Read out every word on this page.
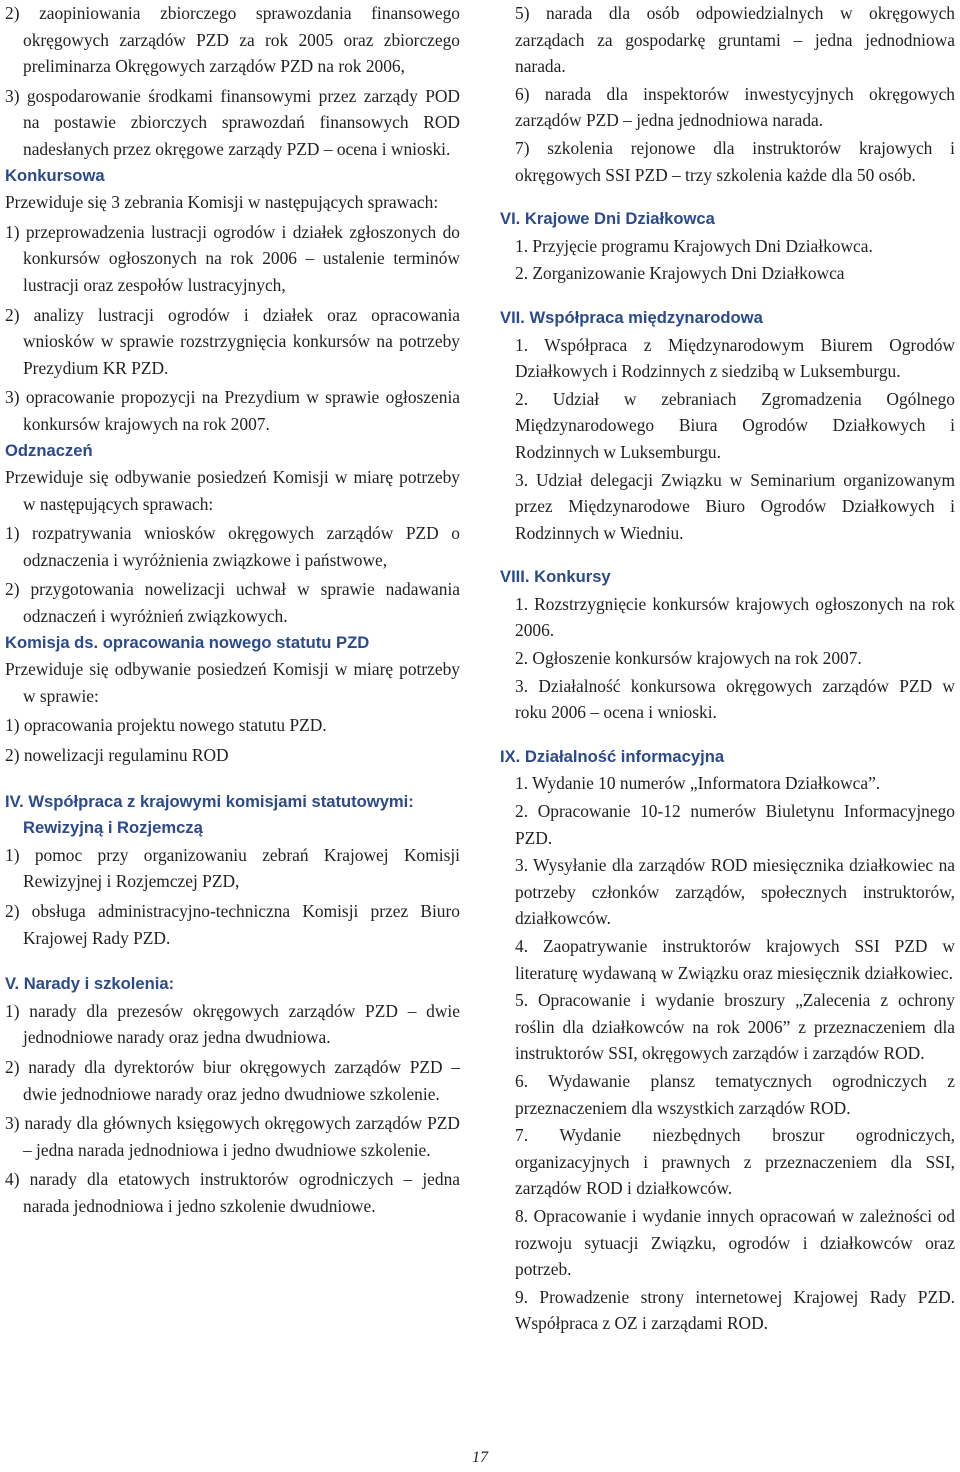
2) zaopiniowania zbiorczego sprawozdania finansowego okręgowych zarządów PZD za rok 2005 oraz zbiorczego preliminarza Okręgowych zarządów PZD na rok 2006,

3) gospodarowanie środkami finansowymi przez zarządy POD na postawie zbiorczych sprawozdań finansowych ROD nadesłanych przez okręgowe zarządy PZD – ocena i wnioski.

Konkursowa

Przewiduje się 3 zebrania Komisji w następujących sprawach:

1) przeprowadzenia lustracji ogrodów i działek zgłoszonych do konkursów ogłoszonych na rok 2006 – ustalenie terminów lustracji oraz zespołów lustracyjnych,

2) analizy lustracji ogrodów i działek oraz opracowania wniosków w sprawie rozstrzygnięcia konkursów na potrzeby Prezydium KR PZD.

3) opracowanie propozycji na Prezydium w sprawie ogłoszenia konkursów krajowych na rok 2007.

Odznaczeń

Przewiduje się odbywanie posiedzeń Komisji w miarę potrzeby w następujących sprawach:

1) rozpatrywania wniosków okręgowych zarządów PZD o odznaczenia i wyróżnienia związkowe i państwowe,

2) przygotowania nowelizacji uchwał w sprawie nadawania odznaczeń i wyróżnień związkowych.

Komisja ds. opracowania nowego statutu PZD

Przewiduje się odbywanie posiedzeń Komisji w miarę potrzeby w sprawie:

1) opracowania projektu nowego statutu PZD.

2) nowelizacji regulaminu ROD

IV. Współpraca z krajowymi komisjami statutowymi: Rewizyjną i Rozjemczą

1) pomoc przy organizowaniu zebrań Krajowej Komisji Rewizyjnej i Rozjemczej PZD,

2) obsługa administracyjno-techniczna Komisji przez Biuro Krajowej Rady PZD.

V. Narady i szkolenia:

1) narady dla prezesów okręgowych zarządów PZD – dwie jednodniowe narady oraz jedna dwudniowa.

2) narady dla dyrektorów biur okręgowych zarządów PZD – dwie jednodniowe narady oraz jedno dwudniowe szkolenie.

3) narady dla głównych księgowych okręgowych zarządów PZD – jedna narada jednodniowa i jedno dwudniowe szkolenie.

4) narady dla etatowych instruktorów ogrodniczych – jedna narada jednodniowa i jedno szkolenie dwudniowe.

5) narada dla osób odpowiedzialnych w okręgowych zarządach za gospodarkę gruntami – jedna jednodniowa narada.

6) narada dla inspektorów inwestycyjnych okręgowych zarządów PZD – jedna jednodniowa narada.

7) szkolenia rejonowe dla instruktorów krajowych i okręgowych SSI PZD – trzy szkolenia każde dla 50 osób.

VI. Krajowe Dni Działkowca

1. Przyjęcie programu Krajowych Dni Działkowca.

2. Zorganizowanie Krajowych Dni Działkowca

VII. Współpraca międzynarodowa

1. Współpraca z Międzynarodowym Biurem Ogrodów Działkowych i Rodzinnych z siedzibą w Luksemburgu.

2. Udział w zebraniach Zgromadzenia Ogólnego Międzynarodowego Biura Ogrodów Działkowych i Rodzinnych w Luksemburgu.

3. Udział delegacji Związku w Seminarium organizowanym przez Międzynarodowe Biuro Ogrodów Działkowych i Rodzinnych w Wiedniu.

VIII. Konkursy

1. Rozstrzygnięcie konkursów krajowych ogłoszonych na rok 2006.

2. Ogłoszenie konkursów krajowych na rok 2007.

3. Działalność konkursowa okręgowych zarządów PZD w roku 2006 – ocena i wnioski.

IX. Działalność informacyjna

1. Wydanie 10 numerów „Informatora Działkowca”.

2. Opracowanie 10-12 numerów Biuletynu Informacyjnego PZD.

3. Wysyłanie dla zarządów ROD miesięcznika działkowiec na potrzeby członków zarządów, społecznych instruktorów, działkowców.

4. Zaopatrywanie instruktorów krajowych SSI PZD w literaturę wydawaną w Związku oraz miesięcznik działkowiec.

5. Opracowanie i wydanie broszury „Zalecenia z ochrony roślin dla działkowców na rok 2006” z przeznaczeniem dla instruktorów SSI, okręgowych zarządów i zarządów ROD.

6. Wydawanie plansz tematycznych ogrodniczych z przeznaczeniem dla wszystkich zarządów ROD.

7. Wydanie niezbędnych broszur ogrodniczych, organizacyjnych i prawnych z przeznaczeniem dla SSI, zarządów ROD i działkowców.

8. Opracowanie i wydanie innych opracowań w zależności od rozwoju sytuacji Związku, ogrodów i działkowców oraz potrzeb.

9. Prowadzenie strony internetowej Krajowej Rady PZD. Współpraca z OZ i zarządami ROD.

17
